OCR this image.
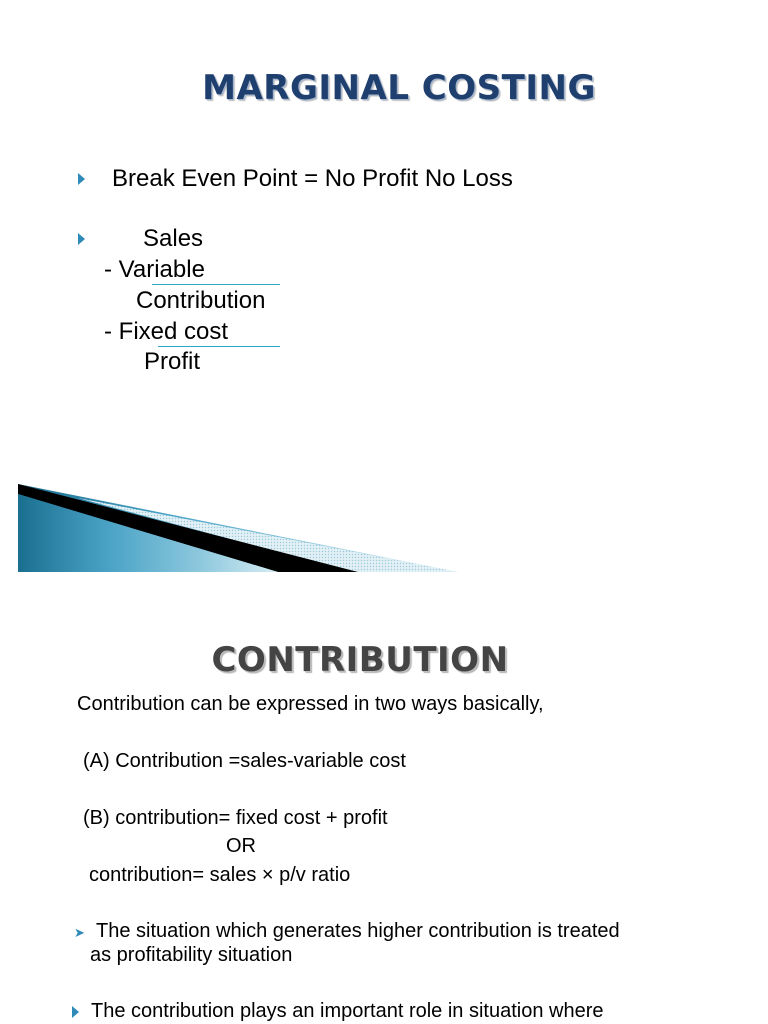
MARGINAL COSTING
Break Even Point = No Profit No Loss
Sales
- Variable
Contribution
- Fixed cost
Profit
CONTRIBUTION
Contribution can be expressed in two ways basically,
(A) Contribution =sales-variable cost
(B) contribution= fixed cost + profit
OR
contribution= sales × p/v ratio
➤ The situation which generates higher contribution is treated
as profitability situation
The contribution plays an important role in situation where
